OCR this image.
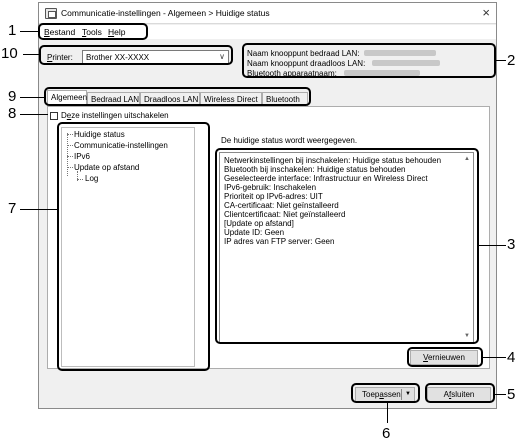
Communicatie-instellingen - Algemeen > Huidige status	×
Bestand Tools Help
Printer: Brother XX-XXXX	∨	Naam knooppunt bedraad LAN:
Naam knooppunt draadloos LAN:
Bluetooth apparaatnaam:
Algemeen Bedraad LAN Draadloos LAN Wireless Direct	Bluetooth
Deze instellingen uitschakelen
Huidige status
Communicatie-instellingen
IPv6
Update op afstand
Log
De huidige status wordt weergegeven.
Netwerkinstellingen bij inschakelen: Huidige status behouden
Bluetooth bij inschakelen: Huidige status behouden
Geselecteerde interface: Infrastructuur en Wireless Direct
IPv6-gebruik: Inschakelen
Prioriteit op IPv6-adres: UIT
CA-certificaat: Niet geïnstalleerd
Clientcertificaat: Niet geïnstalleerd
[Update op afstand]
Update ID: Geen
IP adres van FTP server: Geen
▲
▼
Vernieuwen
Toepassen ▼	Afsluiten
1
10	2
9
8
7
3
4
5
6
